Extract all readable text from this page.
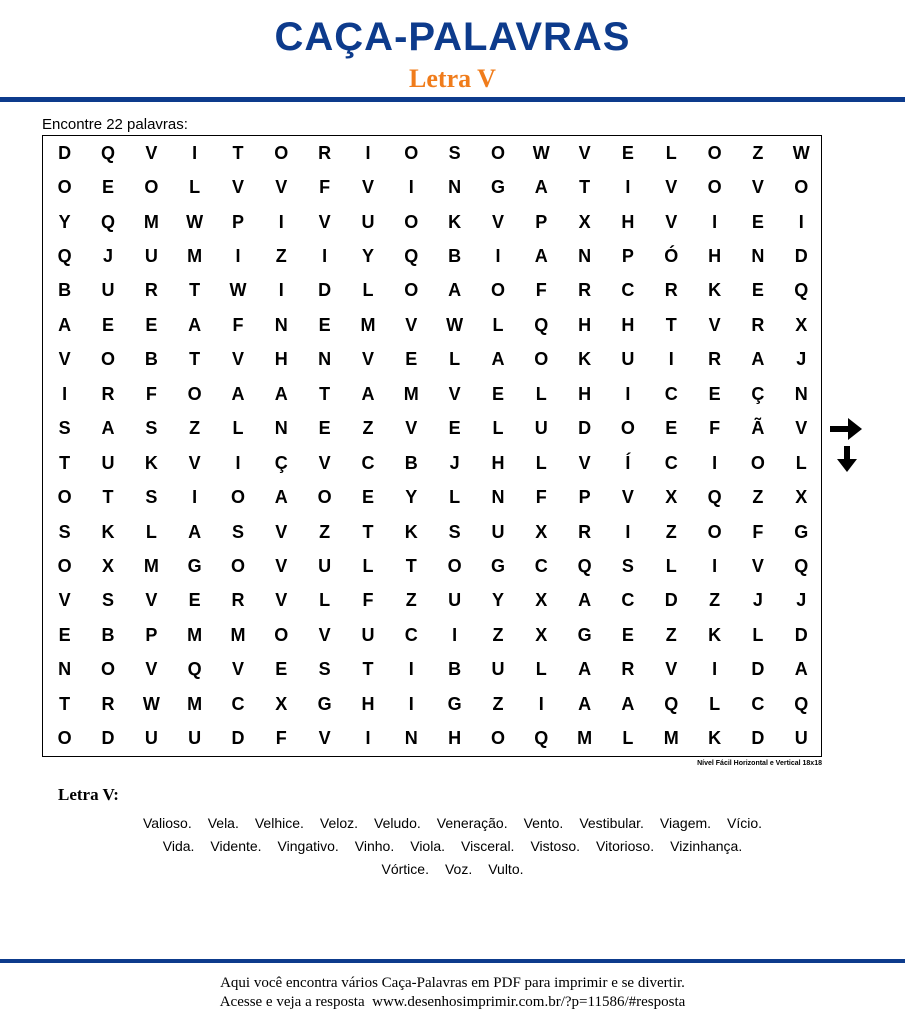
CAÇA-PALAVRAS
Letra V
Encontre 22 palavras:
D	Q	V	I	T	O	R	I	O	S	O	W	V	E	L	O	Z	W
O	E	O	L	V	V	F	V	I	N	G	A	T	I	V	O	V	O
Y	Q	M	W	P	I	V	U	O	K	V	P	X	H	V	I	E	I
Q	J	U	M	I	Z	I	Y	Q	B	I	A	N	P	Ó	H	N	D
B	U	R	T	W	I	D	L	O	A	O	F	R	C	R	K	E	Q
A	E	E	A	F	N	E	M	V	W	L	Q	H	H	T	V	R	X
V	O	B	T	V	H	N	V	E	L	A	O	K	U	I	R	A	J
I	R	F	O	A	A	T	A	M	V	E	L	H	I	C	E	Ç	N
S	A	S	Z	L	N	E	Z	V	E	L	U	D	O	E	F	Ã	V
T	U	K	V	I	Ç	V	C	B	J	H	L	V	Í	C	I	O	L
O	T	S	I	O	A	O	E	Y	L	N	F	P	V	X	Q	Z	X
S	K	L	A	S	V	Z	T	K	S	U	X	R	I	Z	O	F	G
O	X	M	G	O	V	U	L	T	O	G	C	Q	S	L	I	V	Q
V	S	V	E	R	V	L	F	Z	U	Y	X	A	C	D	Z	J	J
E	B	P	M	M	O	V	U	C	I	Z	X	G	E	Z	K	L	D
N	O	V	Q	V	E	S	T	I	B	U	L	A	R	V	I	D	A
T	R	W	M	C	X	G	H	I	G	Z	I	A	A	Q	L	C	Q
O	D	U	U	D	F	V	I	N	H	O	Q	M	L	M	K	D	U
Nível Fácil Horizontal e Vertical 18x18
Letra V:
Valioso. Vela. Velhice. Veloz. Veludo. Veneração. Vento. Vestibular. Viagem. Vício.
Vida. Vidente. Vingativo. Vinho. Viola. Visceral. Vistoso. Vitorioso. Vizinhança.
Vórtice. Voz. Vulto.
Aqui você encontra vários Caça-Palavras em PDF para imprimir e se divertir.
Acesse e veja a resposta  www.desenhosimprimir.com.br/?p=11586/#resposta
